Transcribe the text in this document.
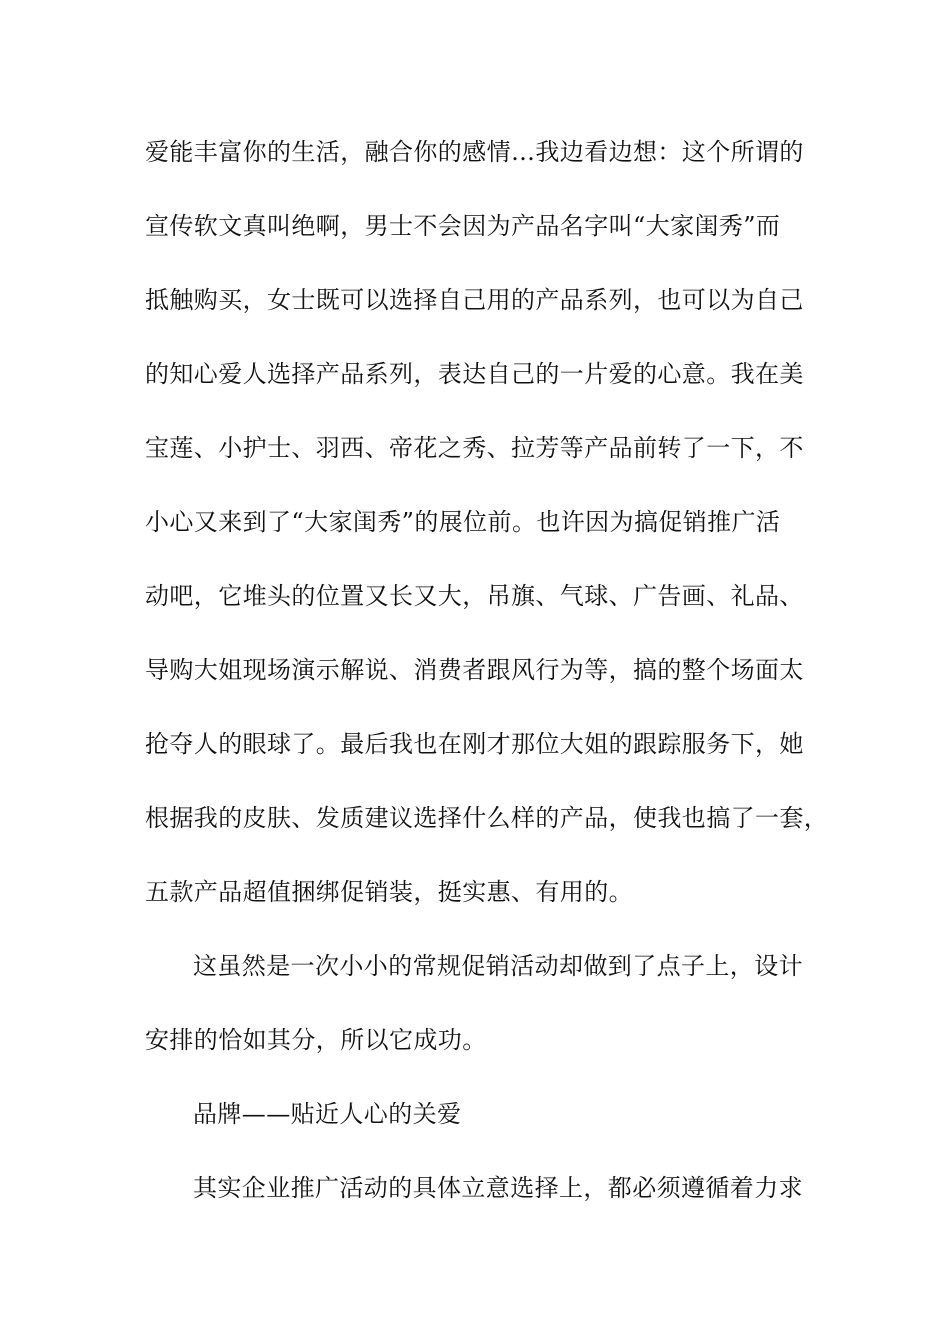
爱能丰富你的生活，融合你的感情…我边看边想：这个所谓的
宣传软文真叫绝啊，男士不会因为产品名字叫“大家闺秀”而
抵触购买，女士既可以选择自己用的产品系列，也可以为自己
的知心爱人选择产品系列，表达自己的一片爱的心意。我在美
宝莲、小护士、羽西、帝花之秀、拉芳等产品前转了一下，不
小心又来到了“大家闺秀”的展位前。也许因为搞促销推广活
动吧，它堆头的位置又长又大，吊旗、气球、广告画、礼品、
导购大姐现场演示解说、消费者跟风行为等，搞的整个场面太
抢夺人的眼球了。最后我也在刚才那位大姐的跟踪服务下，她
根据我的皮肤、发质建议选择什么样的产品，使我也搞了一套，
五款产品超值捆绑促销装，挺实惠、有用的。
这虽然是一次小小的常规促销活动却做到了点子上，设计
安排的恰如其分，所以它成功。
品牌——贴近人心的关爱
其实企业推广活动的具体立意选择上，都必须遵循着力求
